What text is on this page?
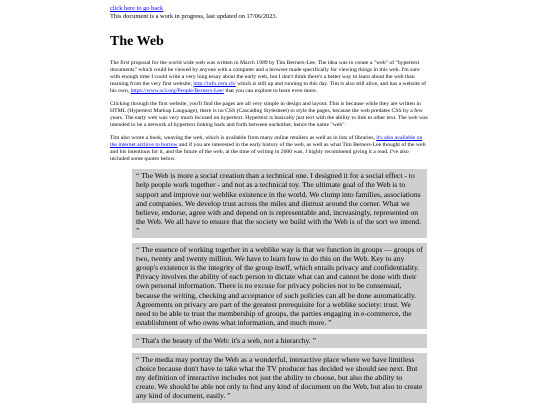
click here to go back
This document is a work in progress, last updated on 17/06/2023.
The Web

The first proposal for the world wide web was written in March 1989 by Tim Berners-Lee. The idea was to create a "web" of "hypertext documents" which could be viewed by anyone with a computer and a browser made specifically for viewing things in this web. I'm sure with enough time I could write a very long essay about the early web, but I don't think there's a better way to learn about the web than learning from the very first website; http://info.cern.ch/ which is still up and running to this day. Tim is also still alive, and has a website of his own, https://www.w3.org/People/Berners-Lee/ that you can explore to learn even more.

Clicking through the first website, you'll find the pages are all very simple in design and layout. This is because while they are written in HTML (Hypertext Markup Language), there is no CSS (Cascading Stylesheet) to style the pages, because the web predates CSS by a few years. The early web was very much focused on hypertext. Hypertext is basically just text with the ability to link to other text. The web was intended to be a network of hypertext linking back and forth between eachother, hence the name "web".

Tim also wrote a book, weaving the web, which is available from many online retailers as well as in lots of libraries, it's also available on the internet archive to borrow and if you are interested in the early history of the web, as well as what Tim Berners-Lee thought of the web and his intentions for it, and the future of the web, at the time of writing in 2000 was, I highly recommend giving it a read. I've also included some quotes below.

“ The Web is more a social creation than a technical one. I designed it for a social effect - to help people work together - and not as a technical toy. The ultimate goal of the Web is to support and improve our weblike existence in the world. We clump into families, associations and companies. We develop trust across the miles and distrust around the corner. What we believe, endorse, agree with and depend on is representable and, increasingly, represented on the Web. We all have to ensure that the society we build with the Web is of the sort we intend. ”
“ The essence of working together in a weblike way is that we function in groups — groups of two, twenty and twenty million. We have to learn how to do this on the Web. Key to any group's existence is the integrity of the group itself, which entails privacy and confidentiality. Privacy involves the ability of each person to dictate what can and cannot be done with their own personal information. There is no excuse for privacy policies not to be consensual, because the writing, checking and acceptance of such policies can all be done automatically. Agreements on privacy are part of the greatest prerequisite for a weblike society: trust. We need to be able to trust the membership of groups, the parties engaging in e-commerce, the establishment of who owns what information, and much more. ”
“ That's the beauty of the Web: it's a web, not a hierarchy. ”
“ The media may portray the Web as a wonderful, interactive place where we have limitless choice because don't have to take what the TV producer has decided we should see next. But my definition of interactive includes not just the ability to choose, but also the ability to create. We should be able not only to find any kind of document on the Web, but also to create any kind of document, easily. ”
